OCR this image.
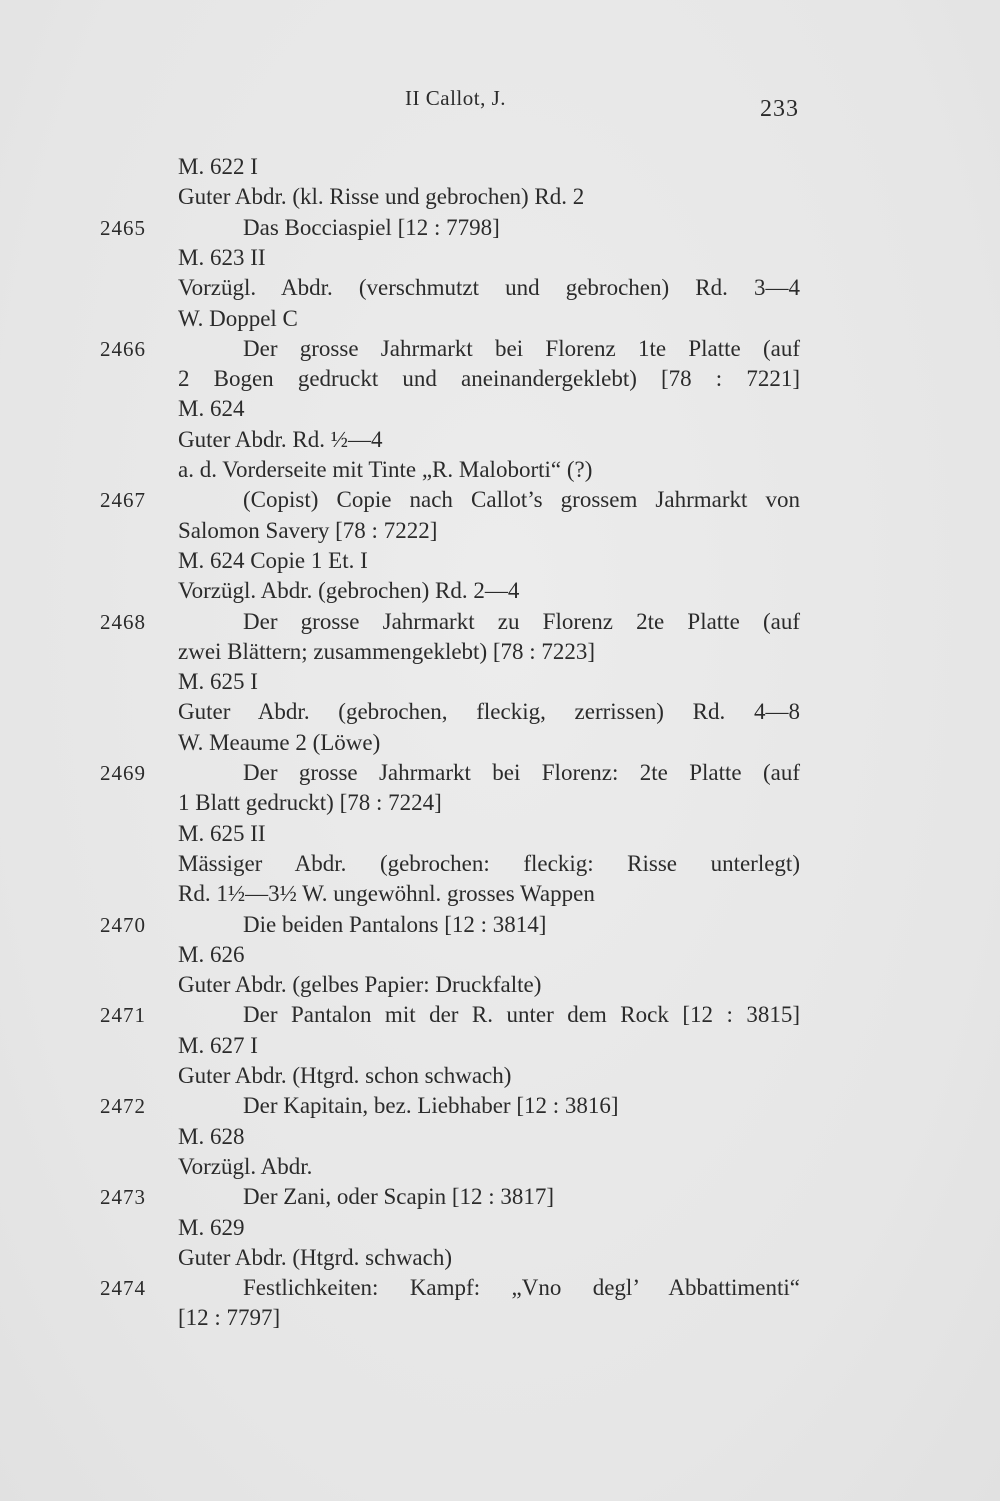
II Callot, J.	233
M. 622 I
Guter Abdr. (kl. Risse und gebrochen) Rd. 2
2465	Das Bocciaspiel [12 : 7798]
M. 623 II
Vorzügl. Abdr. (verschmutzt und gebrochen) Rd. 3—4
W. Doppel C
2466	Der grosse Jahrmarkt bei Florenz 1te Platte (auf
2 Bogen gedruckt und aneinandergeklebt) [78 : 7221]
M. 624
Guter Abdr. Rd. ½—4
a. d. Vorderseite mit Tinte „R. Maloborti“ (?)
2467	(Copist) Copie nach Callot’s grossem Jahrmarkt von
Salomon Savery [78 : 7222]
M. 624 Copie 1 Et. I
Vorzügl. Abdr. (gebrochen) Rd. 2—4
2468	Der grosse Jahrmarkt zu Florenz 2te Platte (auf
zwei Blättern; zusammengeklebt) [78 : 7223]
M. 625 I
Guter Abdr. (gebrochen, fleckig, zerrissen) Rd. 4—8
W. Meaume 2 (Löwe)
2469	Der grosse Jahrmarkt bei Florenz: 2te Platte (auf
1 Blatt gedruckt) [78 : 7224]
M. 625 II
Mässiger Abdr. (gebrochen: fleckig: Risse unterlegt)
Rd. 1½—3½ W. ungewöhnl. grosses Wappen
2470	Die beiden Pantalons [12 : 3814]
M. 626
Guter Abdr. (gelbes Papier: Druckfalte)
2471	Der Pantalon mit der R. unter dem Rock [12 : 3815]
M. 627 I
Guter Abdr. (Htgrd. schon schwach)
2472	Der Kapitain, bez. Liebhaber [12 : 3816]
M. 628
Vorzügl. Abdr.
2473	Der Zani, oder Scapin [12 : 3817]
M. 629
Guter Abdr. (Htgrd. schwach)
2474	Festlichkeiten: Kampf: „Vno degl’ Abbattimenti“
[12 : 7797]
